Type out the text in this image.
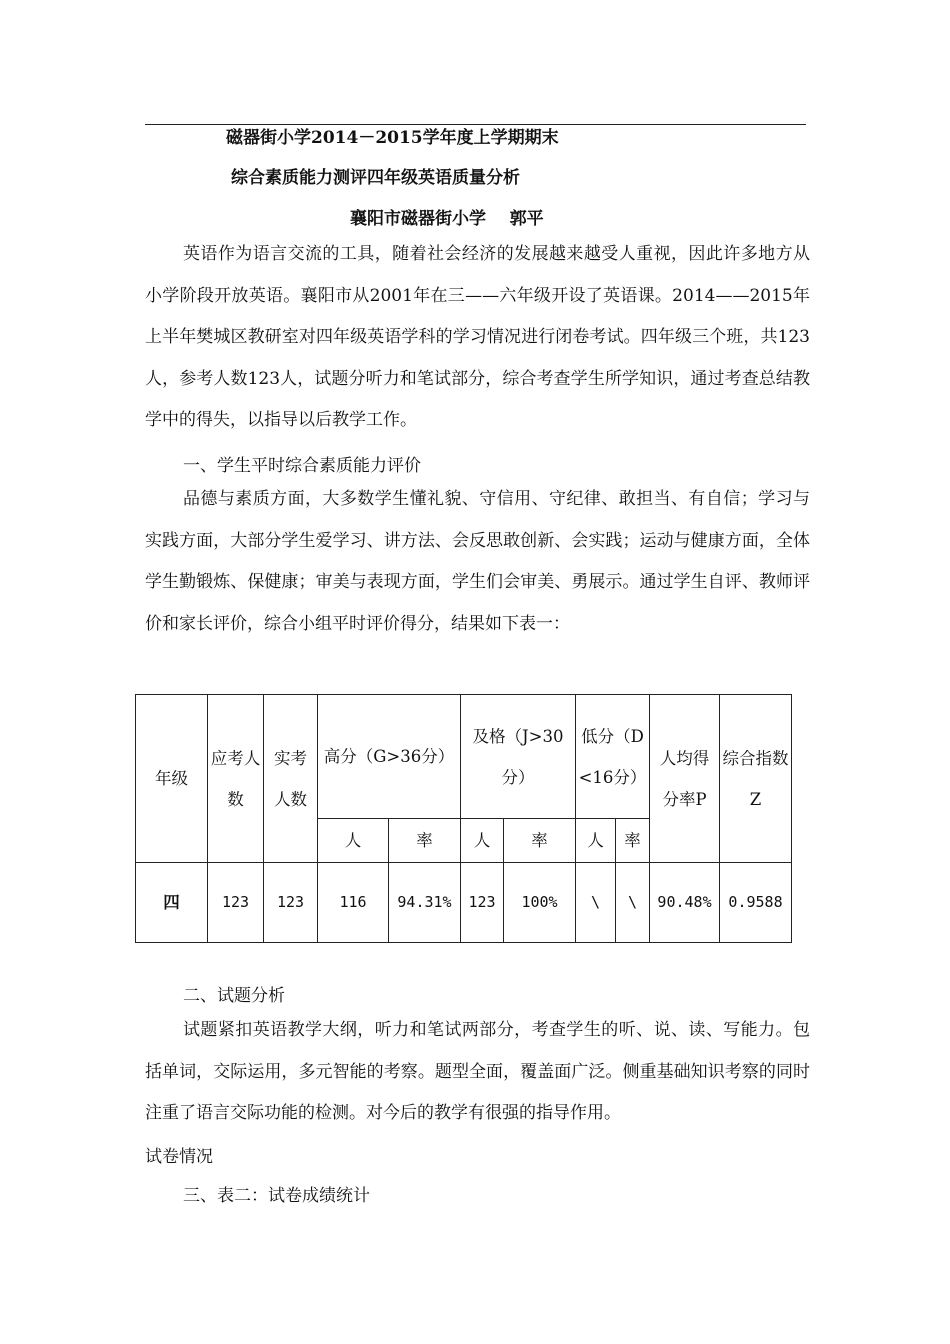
磁器街小学2014－2015学年度上学期期末
综合素质能力测评四年级英语质量分析
襄阳市磁器街小学    郭平
英语作为语言交流的工具，随着社会经济的发展越来越受人重视，因此许多地方从小学阶段开放英语。襄阳市从2001年在三——六年级开设了英语课。2014——2015年上半年樊城区教研室对四年级英语学科的学习情况进行闭卷考试。四年级三个班，共123人，参考人数123人，试题分听力和笔试部分，综合考查学生所学知识，通过考查总结教学中的得失，以指导以后教学工作。
一、学生平时综合素质能力评价
品德与素质方面，大多数学生懂礼貌、守信用、守纪律、敢担当、有自信；学习与实践方面，大部分学生爱学习、讲方法、会反思敢创新、会实践；运动与健康方面，全体学生勤锻炼、保健康；审美与表现方面，学生们会审美、勇展示。通过学生自评、教师评价和家长评价，综合小组平时评价得分，结果如下表一：
年级	应考人数	实考人数	高分（G>36分）		及格（J>30分）		低分（D<16分）		人均得分率P	综合指数Z
			人	率	人	率	人	率		
四	123	123	116	94.31%	123	100%	\	\	90.48%	0.9588
二、试题分析
试题紧扣英语教学大纲，听力和笔试两部分，考查学生的听、说、读、写能力。包括单词，交际运用，多元智能的考察。题型全面，覆盖面广泛。侧重基础知识考察的同时注重了语言交际功能的检测。对今后的教学有很强的指导作用。
试卷情况
三、表二：试卷成绩统计
